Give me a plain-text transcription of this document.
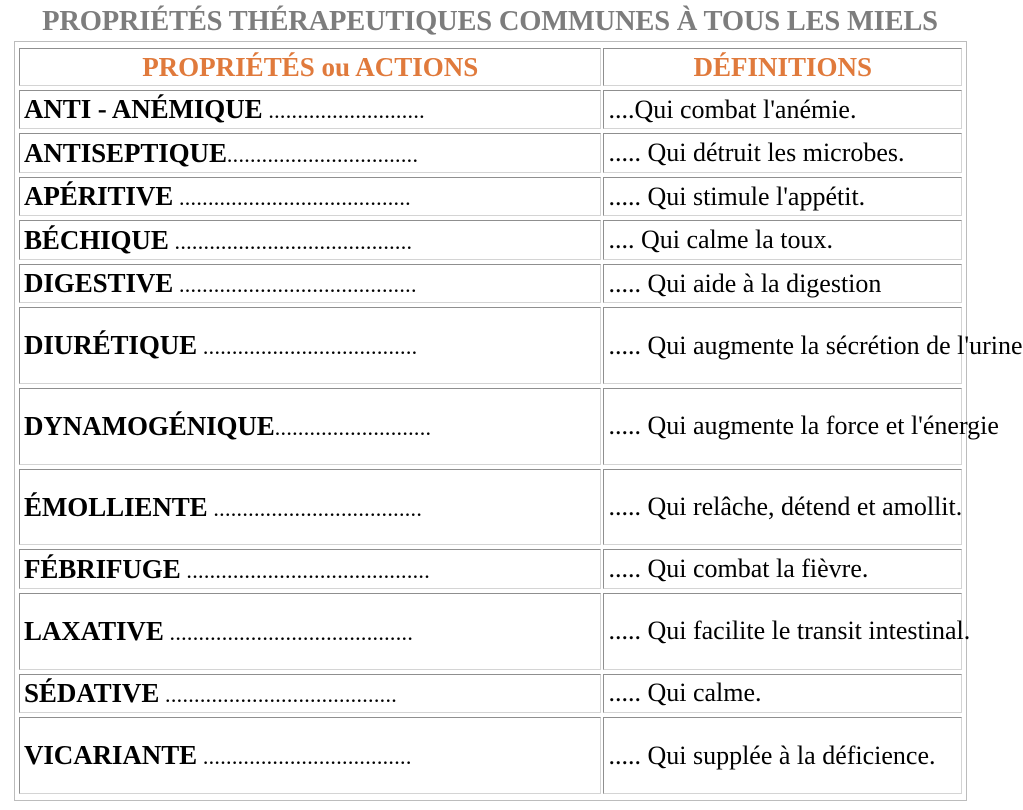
PROPRIÉTÉS THÉRAPEUTIQUES COMMUNES À TOUS LES MIELS
PROPRIÉTÉS ou ACTIONS	DÉFINITIONS
ANTI - ANÉMIQUE ...........................	....Qui combat l'anémie.
ANTISEPTIQUE.................................	..... Qui détruit les microbes.
APÉRITIVE ........................................	..... Qui stimule l'appétit.
BÉCHIQUE .........................................	.... Qui calme la toux.
DIGESTIVE .........................................	..... Qui aide à la digestion
DIURÉTIQUE .....................................	..... Qui augmente la sécrétion de l'urine
DYNAMOGÉNIQUE...........................	..... Qui augmente la force et l'énergie
ÉMOLLIENTE ....................................	..... Qui relâche, détend et amollit.
FÉBRIFUGE ..........................................	..... Qui combat la fièvre.
LAXATIVE ..........................................	..... Qui facilite le transit intestinal.
SÉDATIVE ........................................	..... Qui calme.
VICARIANTE ....................................	..... Qui supplée à la déficience.
